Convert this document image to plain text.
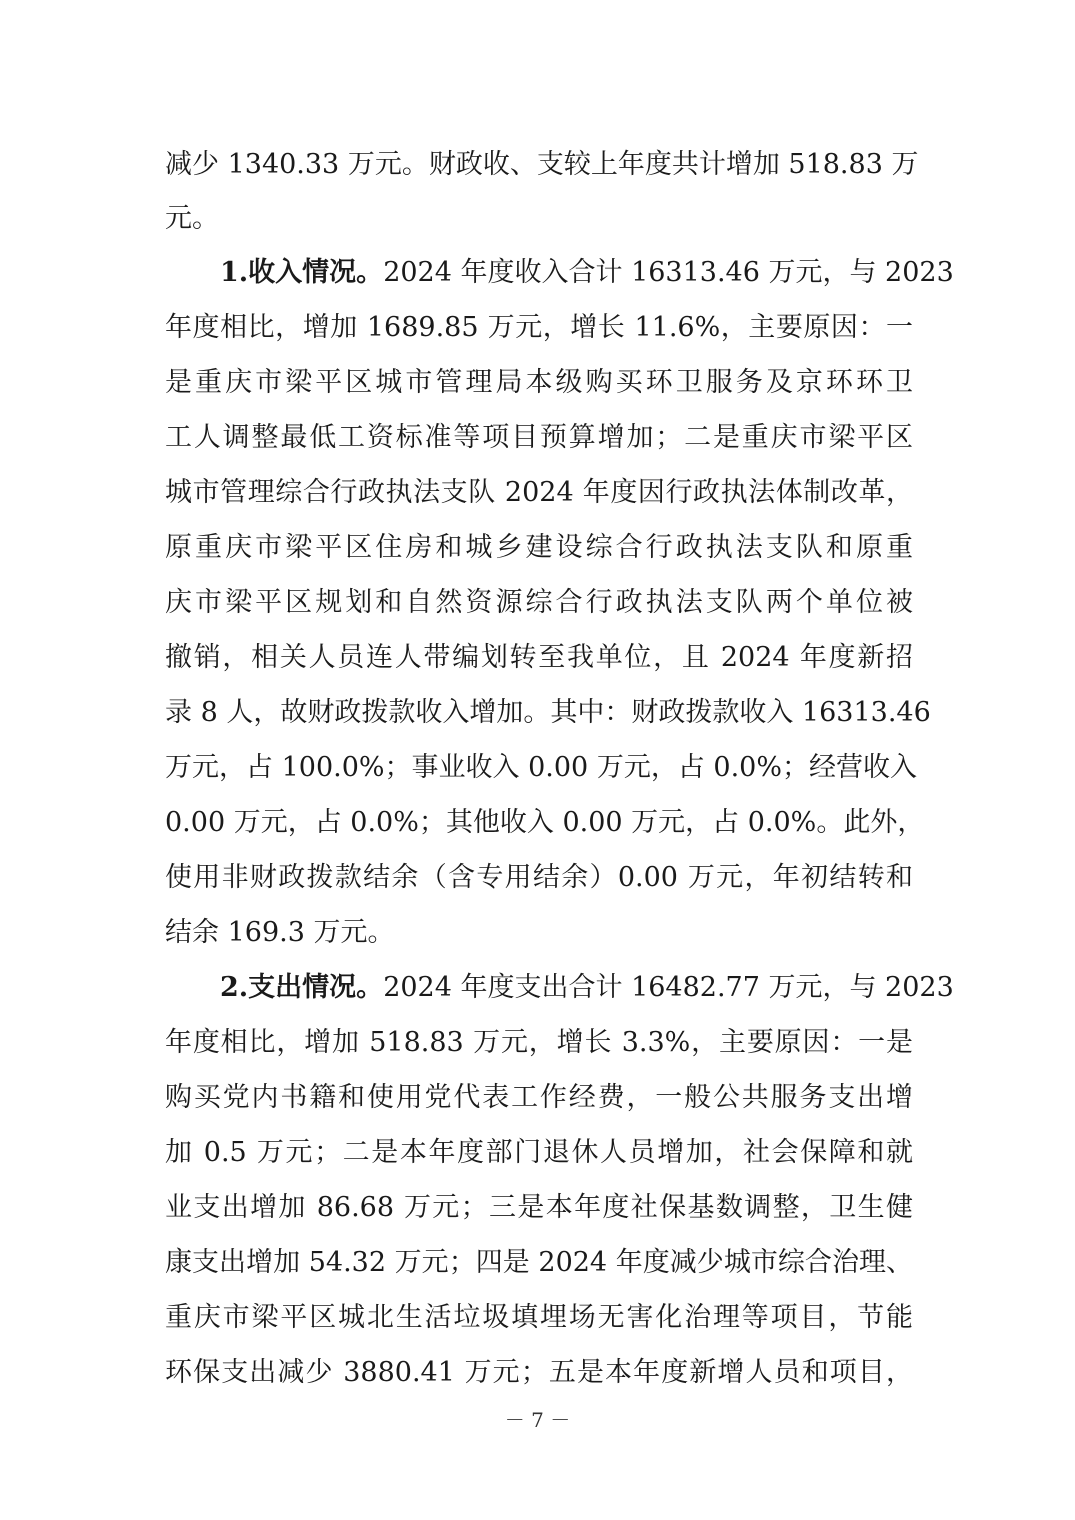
减少 1340.33 万元。财政收、支较上年度共计增加 518.83 万
元。
1.收入情况。2024 年度收入合计 16313.46 万元，与 2023
年度相比，增加 1689.85 万元，增长 11.6%，主要原因：一
是重庆市梁平区城市管理局本级购买环卫服务及京环环卫
工人调整最低工资标准等项目预算增加；二是重庆市梁平区
城市管理综合行政执法支队 2024 年度因行政执法体制改革，
原重庆市梁平区住房和城乡建设综合行政执法支队和原重
庆市梁平区规划和自然资源综合行政执法支队两个单位被
撤销，相关人员连人带编划转至我单位，且 2024 年度新招
录 8 人，故财政拨款收入增加。其中：财政拨款收入 16313.46
万元，占 100.0%；事业收入 0.00 万元，占 0.0%；经营收入
0.00 万元，占 0.0%；其他收入 0.00 万元，占 0.0%。此外，
使用非财政拨款结余（含专用结余）0.00 万元，年初结转和
结余 169.3 万元。
2.支出情况。2024 年度支出合计 16482.77 万元，与 2023
年度相比，增加 518.83 万元，增长 3.3%，主要原因：一是
购买党内书籍和使用党代表工作经费，一般公共服务支出增
加 0.5 万元；二是本年度部门退休人员增加，社会保障和就
业支出增加 86.68 万元；三是本年度社保基数调整，卫生健
康支出增加 54.32 万元；四是 2024 年度减少城市综合治理、
重庆市梁平区城北生活垃圾填埋场无害化治理等项目，节能
环保支出减少 3880.41 万元；五是本年度新增人员和项目，
－ 7 －
